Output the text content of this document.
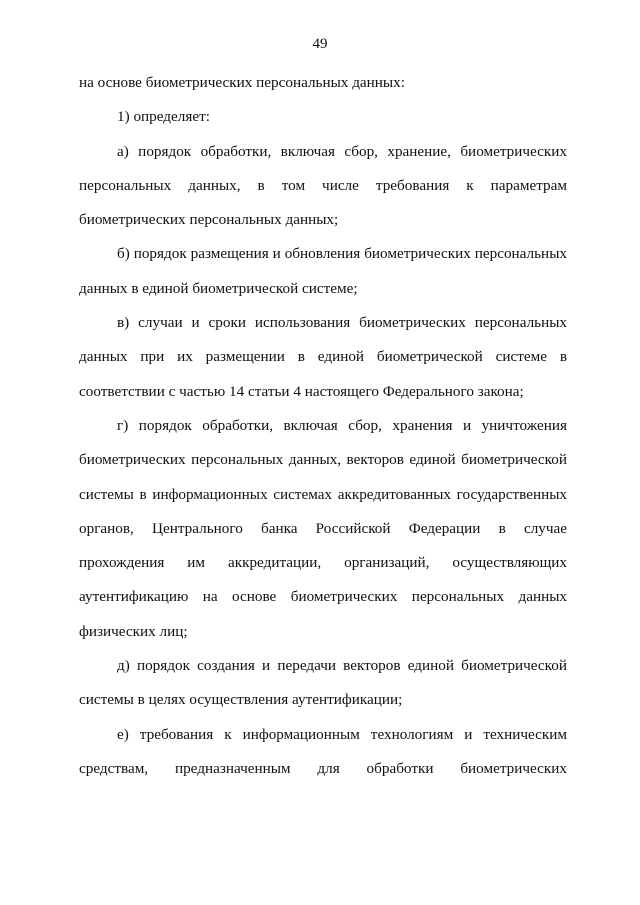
49
на основе биометрических персональных данных:
1) определяет:
а) порядок обработки, включая сбор, хранение, биометрических
персональных данных, в том числе требования к параметрам
биометрических персональных данных;
б) порядок размещения и обновления биометрических персональных
данных в единой биометрической системе;
в) случаи и сроки использования биометрических персональных
данных при их размещении в единой биометрической системе в
соответствии с частью 14 статьи 4 настоящего Федерального закона;
г) порядок обработки, включая сбор, хранения и уничтожения
биометрических персональных данных, векторов единой биометрической
системы в информационных системах аккредитованных государственных
органов, Центрального банка Российской Федерации в случае
прохождения им аккредитации, организаций, осуществляющих
аутентификацию на основе биометрических персональных данных
физических лиц;
д) порядок создания и передачи векторов единой биометрической
системы в целях осуществления аутентификации;
е) требования к информационным технологиям и техническим
средствам, предназначенным для обработки биометрических
